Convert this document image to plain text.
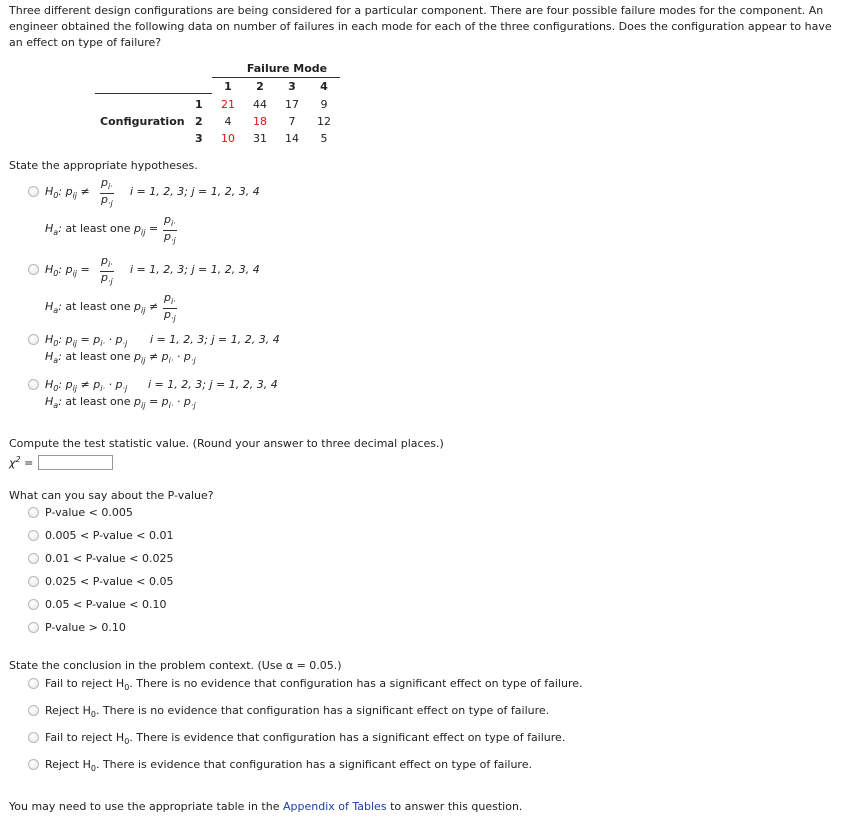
Three different design configurations are being considered for a particular component. There are four possible failure modes for the component. An engineer obtained the following data on number of failures in each mode for each of the three configurations. Does the configuration appear to have an effect on type of failure?
Failure Mode
1	2	3	4
Configuration
1	21	44	17	9
2	4	18	7	12
3	10	31	14	5
State the appropriate hypotheses.
$H_0$: $p_{ij} \ne \frac{p_{i\cdot}}{p_{\cdot j}}$ i = 1, 2, 3; j = 1, 2, 3, 4
$H_a$: at least one $p_{ij} = \frac{p_{i\cdot}}{p_{\cdot j}}$
$H_0$: $p_{ij} = \frac{p_{i\cdot}}{p_{\cdot j}}$ i = 1, 2, 3; j = 1, 2, 3, 4
$H_a$: at least one $p_{ij} \ne \frac{p_{i\cdot}}{p_{\cdot j}}$
$H_0$: $p_{ij} = p_{i\cdot} \cdot p_{\cdot j}$ i = 1, 2, 3; j = 1, 2, 3, 4
$H_a$: at least one $p_{ij} \ne p_{i\cdot} \cdot p_{\cdot j}$
$H_0$: $p_{ij} \ne p_{i\cdot} \cdot p_{\cdot j}$ i = 1, 2, 3; j = 1, 2, 3, 4
$H_a$: at least one $p_{ij} = p_{i\cdot} \cdot p_{\cdot j}$
Compute the test statistic value. (Round your answer to three decimal places.)
$\chi^2$ =
What can you say about the P-value?
P-value < 0.005
0.005 < P-value < 0.01
0.01 < P-value < 0.025
0.025 < P-value < 0.05
0.05 < P-value < 0.10
P-value > 0.10
State the conclusion in the problem context. (Use α = 0.05.)
Fail to reject $H_0$. There is no evidence that configuration has a significant effect on type of failure.
Reject $H_0$. There is no evidence that configuration has a significant effect on type of failure.
Fail to reject $H_0$. There is evidence that configuration has a significant effect on type of failure.
Reject $H_0$. There is evidence that configuration has a significant effect on type of failure.
You may need to use the appropriate table in the Appendix of Tables to answer this question.
